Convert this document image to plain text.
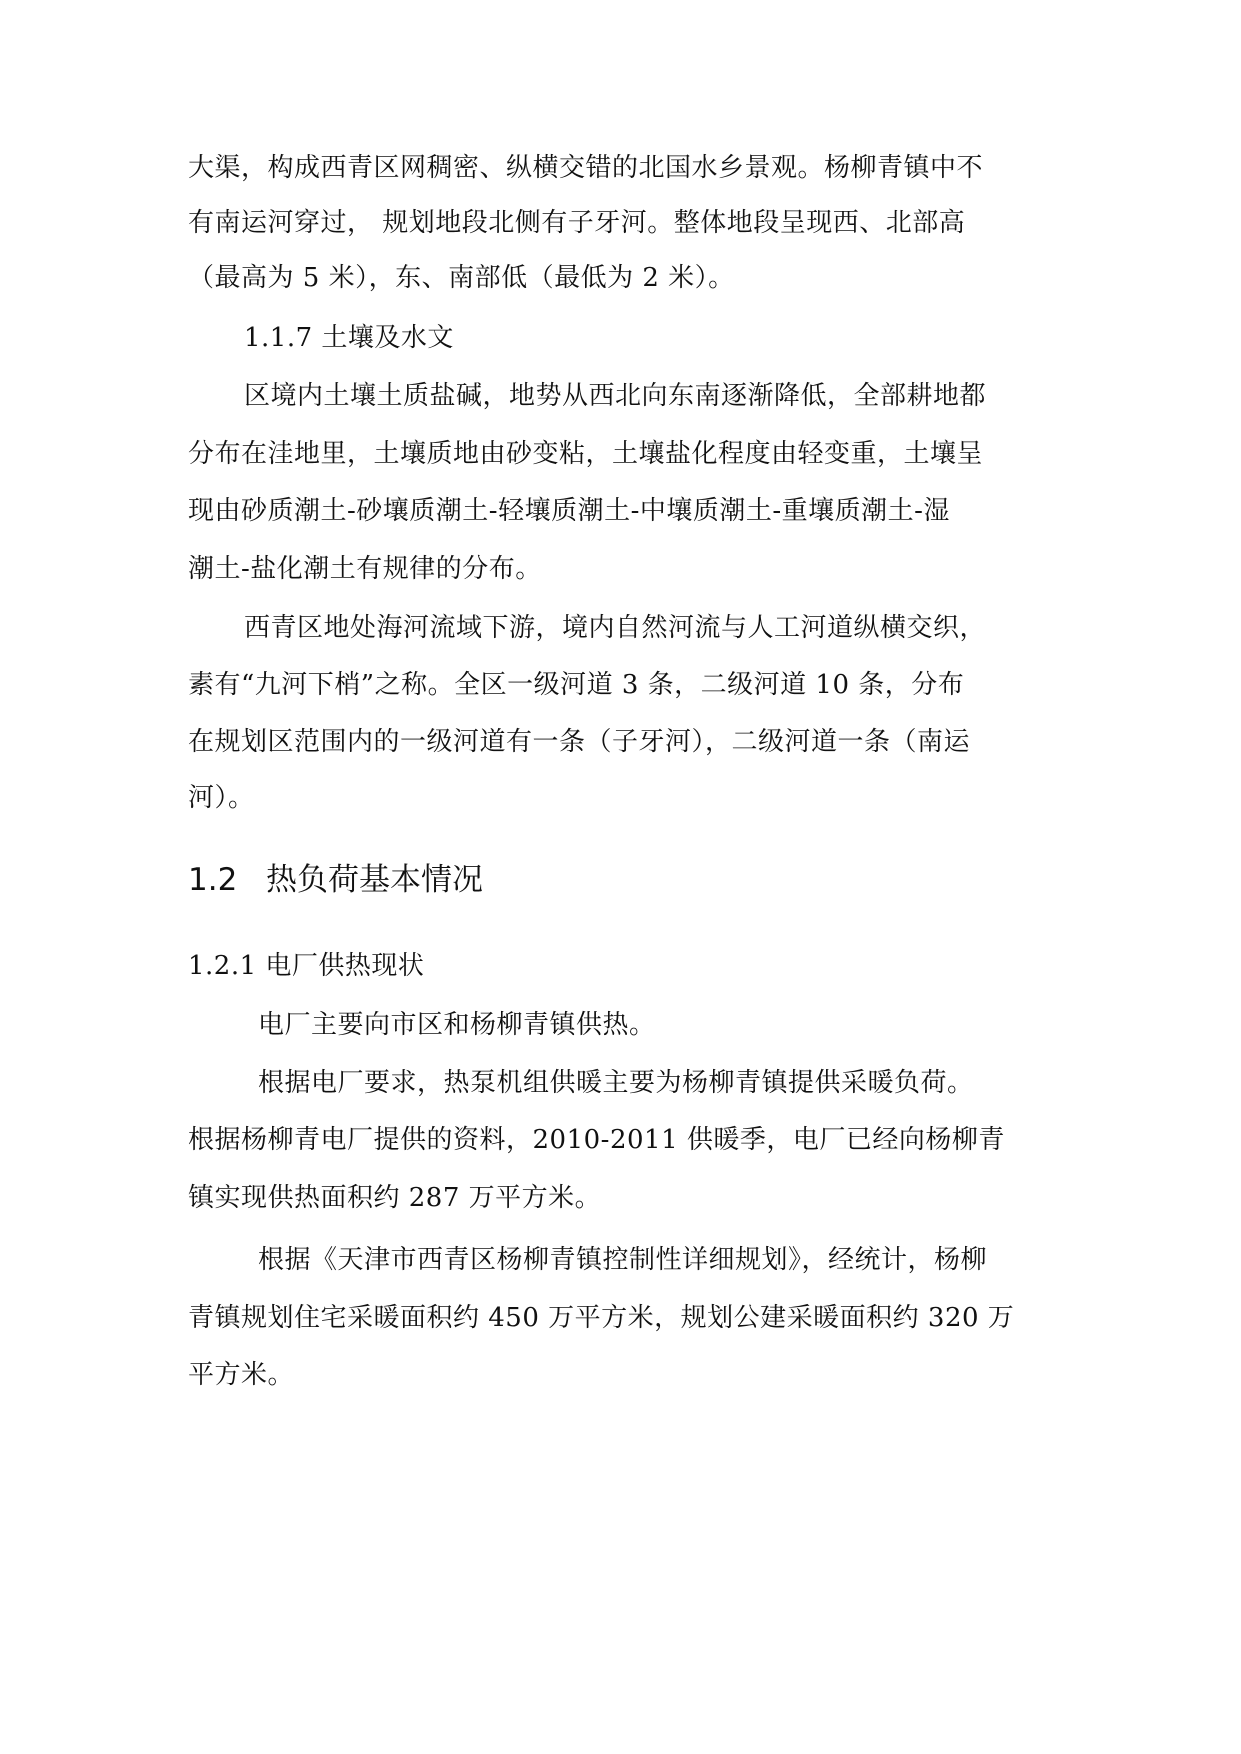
大渠，构成西青区网稠密、纵横交错的北国水乡景观。杨柳青镇中不
有南运河穿过， 规划地段北侧有子牙河。整体地段呈现西、北部高
（最高为 5 米），东、南部低（最低为 2 米）。
1.1.7 土壤及水文
区境内土壤土质盐碱，地势从西北向东南逐渐降低，全部耕地都
分布在洼地里，土壤质地由砂变粘，土壤盐化程度由轻变重，土壤呈
现由砂质潮土-砂壤质潮土-轻壤质潮土-中壤质潮土-重壤质潮土-湿
潮土-盐化潮土有规律的分布。
西青区地处海河流域下游，境内自然河流与人工河道纵横交织，
素有“九河下梢”之称。全区一级河道 3 条，二级河道 10 条，分布
在规划区范围内的一级河道有一条（子牙河），二级河道一条（南运
河）。
1.2 热负荷基本情况
1.2.1 电厂供热现状
电厂主要向市区和杨柳青镇供热。
根据电厂要求，热泵机组供暖主要为杨柳青镇提供采暖负荷。
根据杨柳青电厂提供的资料，2010-2011 供暖季，电厂已经向杨柳青
镇实现供热面积约 287 万平方米。
根据《天津市西青区杨柳青镇控制性详细规划》，经统计，杨柳
青镇规划住宅采暖面积约 450 万平方米，规划公建采暖面积约 320 万
平方米。
